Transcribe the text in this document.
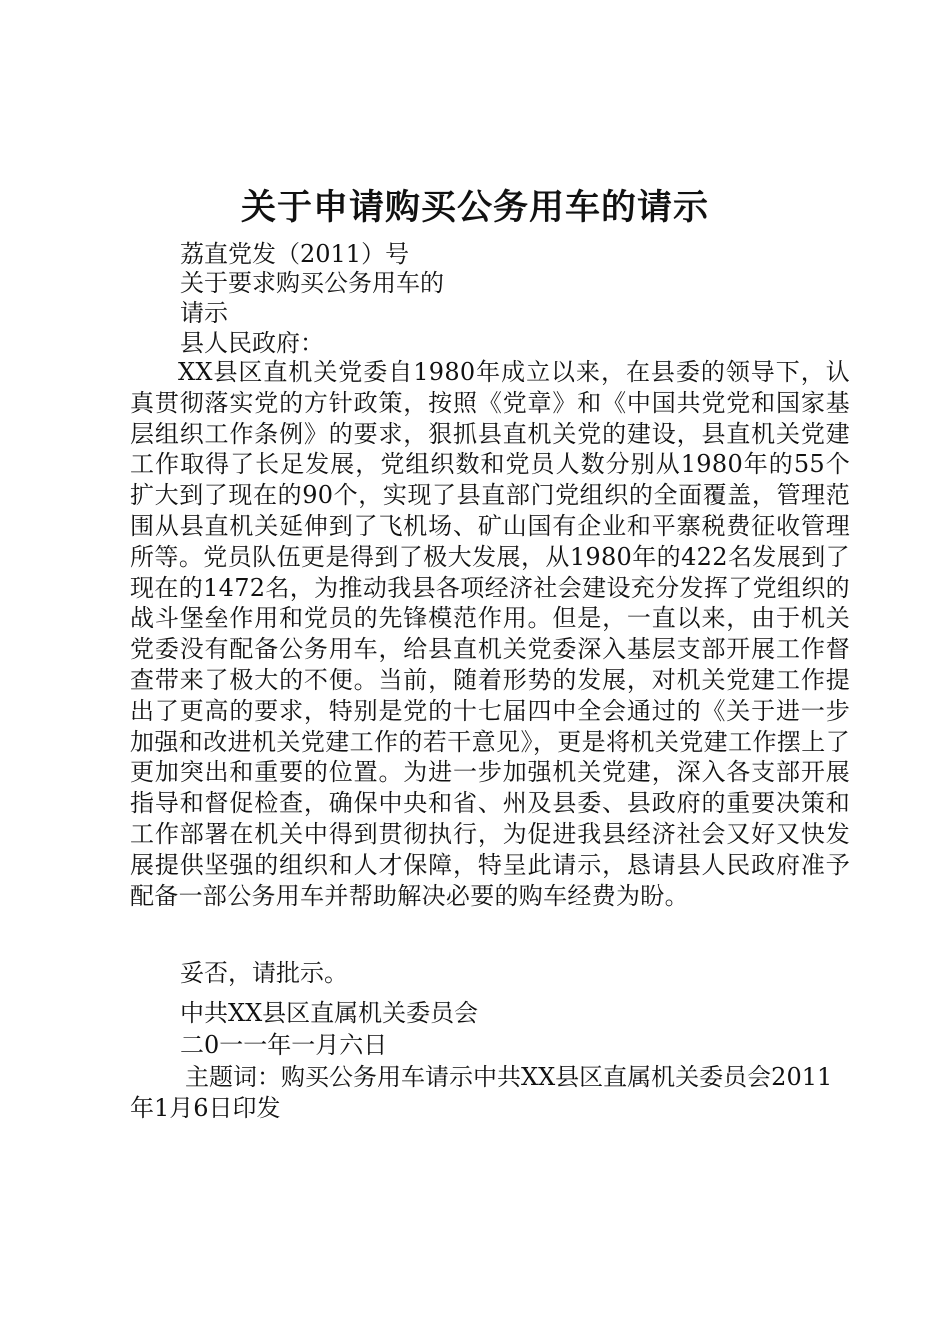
关于申请购买公务用车的请示
荔直党发（2011）号
关于要求购买公务用车的
请示
县人民政府：
XX县区直机关党委自1980年成立以来，在县委的领导下，认真贯彻落实党的方针政策，按照《党章》和《中国共党党和国家基层组织工作条例》的要求，狠抓县直机关党的建设，县直机关党建工作取得了长足发展，党组织数和党员人数分别从1980年的55个扩大到了现在的90个，实现了县直部门党组织的全面覆盖，管理范围从县直机关延伸到了飞机场、矿山国有企业和平寨税费征收管理所等。党员队伍更是得到了极大发展，从1980年的422名发展到了现在的1472名，为推动我县各项经济社会建设充分发挥了党组织的战斗堡垒作用和党员的先锋模范作用。但是，一直以来，由于机关党委没有配备公务用车，给县直机关党委深入基层支部开展工作督查带来了极大的不便。当前，随着形势的发展，对机关党建工作提出了更高的要求，特别是党的十七届四中全会通过的《关于进一步加强和改进机关党建工作的若干意见》，更是将机关党建工作摆上了更加突出和重要的位置。为进一步加强机关党建，深入各支部开展指导和督促检查，确保中央和省、州及县委、县政府的重要决策和工作部署在机关中得到贯彻执行，为促进我县经济社会又好又快发展提供坚强的组织和人才保障，特呈此请示，恳请县人民政府准予配备一部公务用车并帮助解决必要的购车经费为盼。
妥否，请批示。
中共XX县区直属机关委员会
二0一一年一月六日
主题词：购买公务用车请示中共XX县区直属机关委员会2011年1月6日印发
